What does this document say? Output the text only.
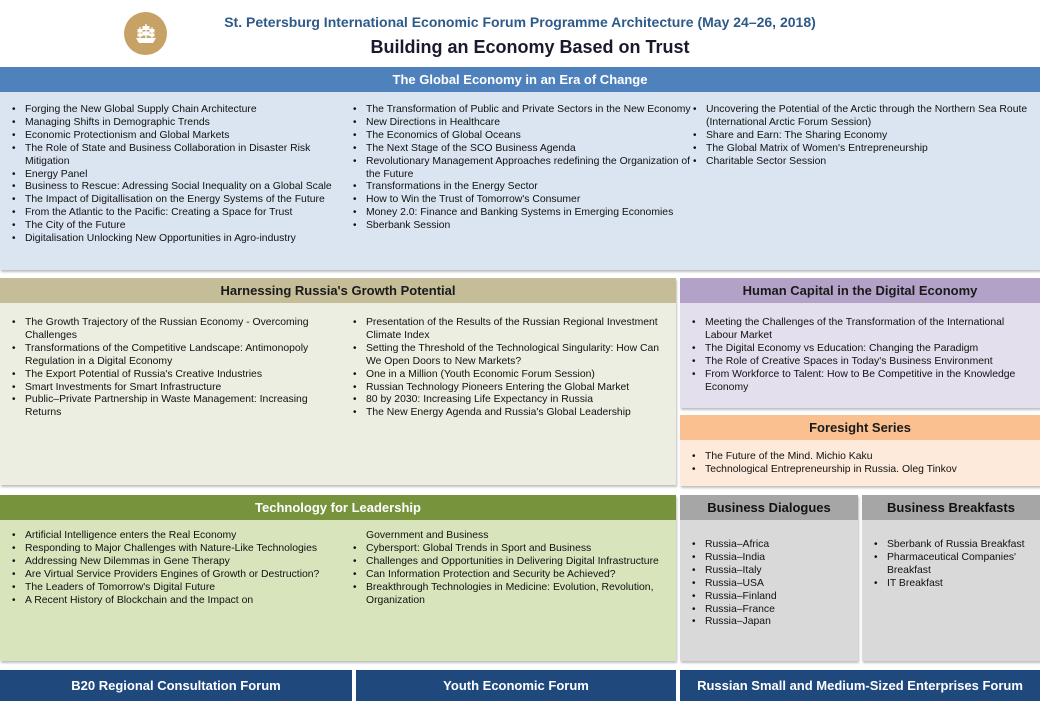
St. Petersburg International Economic Forum Programme Architecture (May 24–26, 2018)
Building an Economy Based on Trust
The Global Economy in an Era of Change
• Forging the New Global Supply Chain Architecture
• Managing Shifts in Demographic Trends
• Economic Protectionism and Global Markets
• The Role of State and Business Collaboration in Disaster Risk Mitigation
• Energy Panel
• Business to Rescue: Adressing Social Inequality on a Global Scale
• The Impact of Digitallisation on the Energy Systems of the Future
• From the Atlantic to the Pacific: Creating a Space for Trust
• The City of the Future
• Digitalisation Unlocking New Opportunities in Agro-industry
• The Transformation of Public and Private Sectors in the New Economy
• New Directions in Healthcare
• The Economics of Global Oceans
• The Next Stage of the SCO Business Agenda
• Revolutionary Management Approaches redefining the Organization of the Future
• Transformations in the Energy Sector
• How to Win the Trust of Tomorrow's Consumer
• Money 2.0: Finance and Banking Systems in Emerging Economies
• Sberbank Session
• Uncovering the Potential of the Arctic through the Northern Sea Route (International Arctic Forum Session)
• Share and Earn: The Sharing Economy
• The Global Matrix of Women's Entrepreneurship
• Charitable Sector Session
Harnessing Russia's Growth Potential
• The Growth Trajectory of the Russian Economy - Overcoming Challenges
• Transformations of the Competitive Landscape: Antimonopoly Regulation in a Digital Economy
• The Export Potential of Russia's Creative Industries
• Smart Investments for Smart Infrastructure
• Public–Private Partnership in Waste Management: Increasing Returns
• Presentation of the Results of the Russian Regional Investment Climate Index
• Setting the Threshold of the Technological Singularity: How Can We Open Doors to New Markets?
• One in a Million (Youth Economic Forum Session)
• Russian Technology Pioneers Entering the Global Market
• 80 by 2030: Increasing Life Expectancy in Russia
• The New Energy Agenda and Russia's Global Leadership
Human Capital in the Digital Economy
• Meeting the Challenges of the Transformation of the International Labour Market
• The Digital Economy vs Education: Changing the Paradigm
• The Role of Creative Spaces in Today's Business Environment
• From Workforce to Talent: How to Be Competitive in the Knowledge Economy
Foresight Series
• The Future of the Mind. Michio Kaku
• Technological Entrepreneurship in Russia. Oleg Tinkov
Technology for Leadership
• Artificial Intelligence enters the Real Economy
• Responding to Major Challenges with Nature-Like Technologies
• Addressing New Dilemmas in Gene Therapy
• Are Virtual Service Providers Engines of Growth or Destruction?
• The Leaders of Tomorrow's Digital Future
• A Recent History of Blockchain and the Impact on
Government and Business
• Cybersport: Global Trends in Sport and Business
• Challenges and Opportunities in Delivering Digital Infrastructure
• Can Information Protection and Security be Achieved?
• Breakthrough Technologies in Medicine: Evolution, Revolution, Organization
Business Dialogues
• Russia–Africa
• Russia–India
• Russia–Italy
• Russia–USA
• Russia–Finland
• Russia–France
• Russia–Japan
Business Breakfasts
• Sberbank of Russia Breakfast
• Pharmaceutical Companies' Breakfast
• IT Breakfast
B20 Regional Consultation Forum	Youth Economic Forum	Russian Small and Medium-Sized Enterprises Forum
